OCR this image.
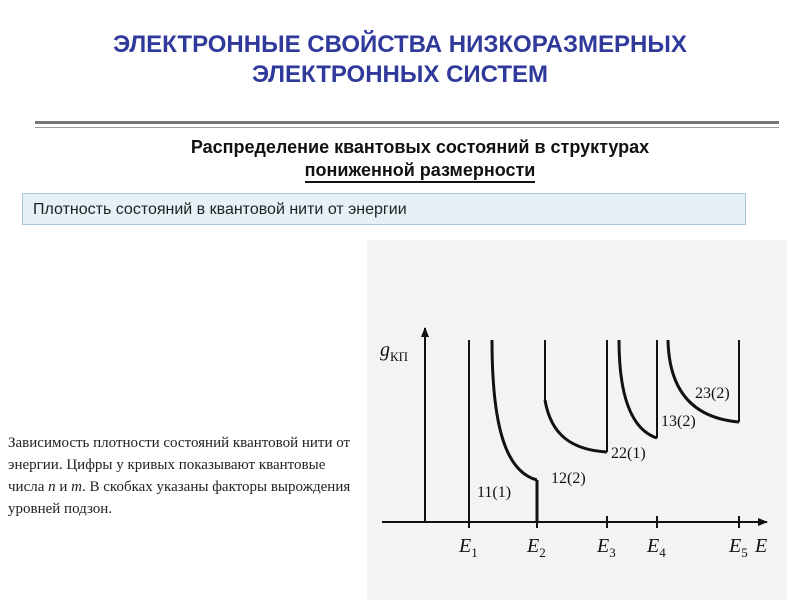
ЭЛЕКТРОННЫЕ СВОЙСТВА НИЗКОРАЗМЕРНЫХ
ЭЛЕКТРОННЫХ СИСТЕМ
Распределение квантовых состояний в структурах
пониженной размерности
Плотность состояний в квантовой нити от энергии
$g_{КП}$
$E_1$ $E_2$	$E_3$ $E_4$	$E_5$ E
11(1)
12(2)
22(1)
13(2)
23(2)
Зависимость плотности состояний квантовой нити от энергии. Цифры у кривых показывают квантовые числа n и m. В скобках указаны факторы вырождения уровней подзон.
